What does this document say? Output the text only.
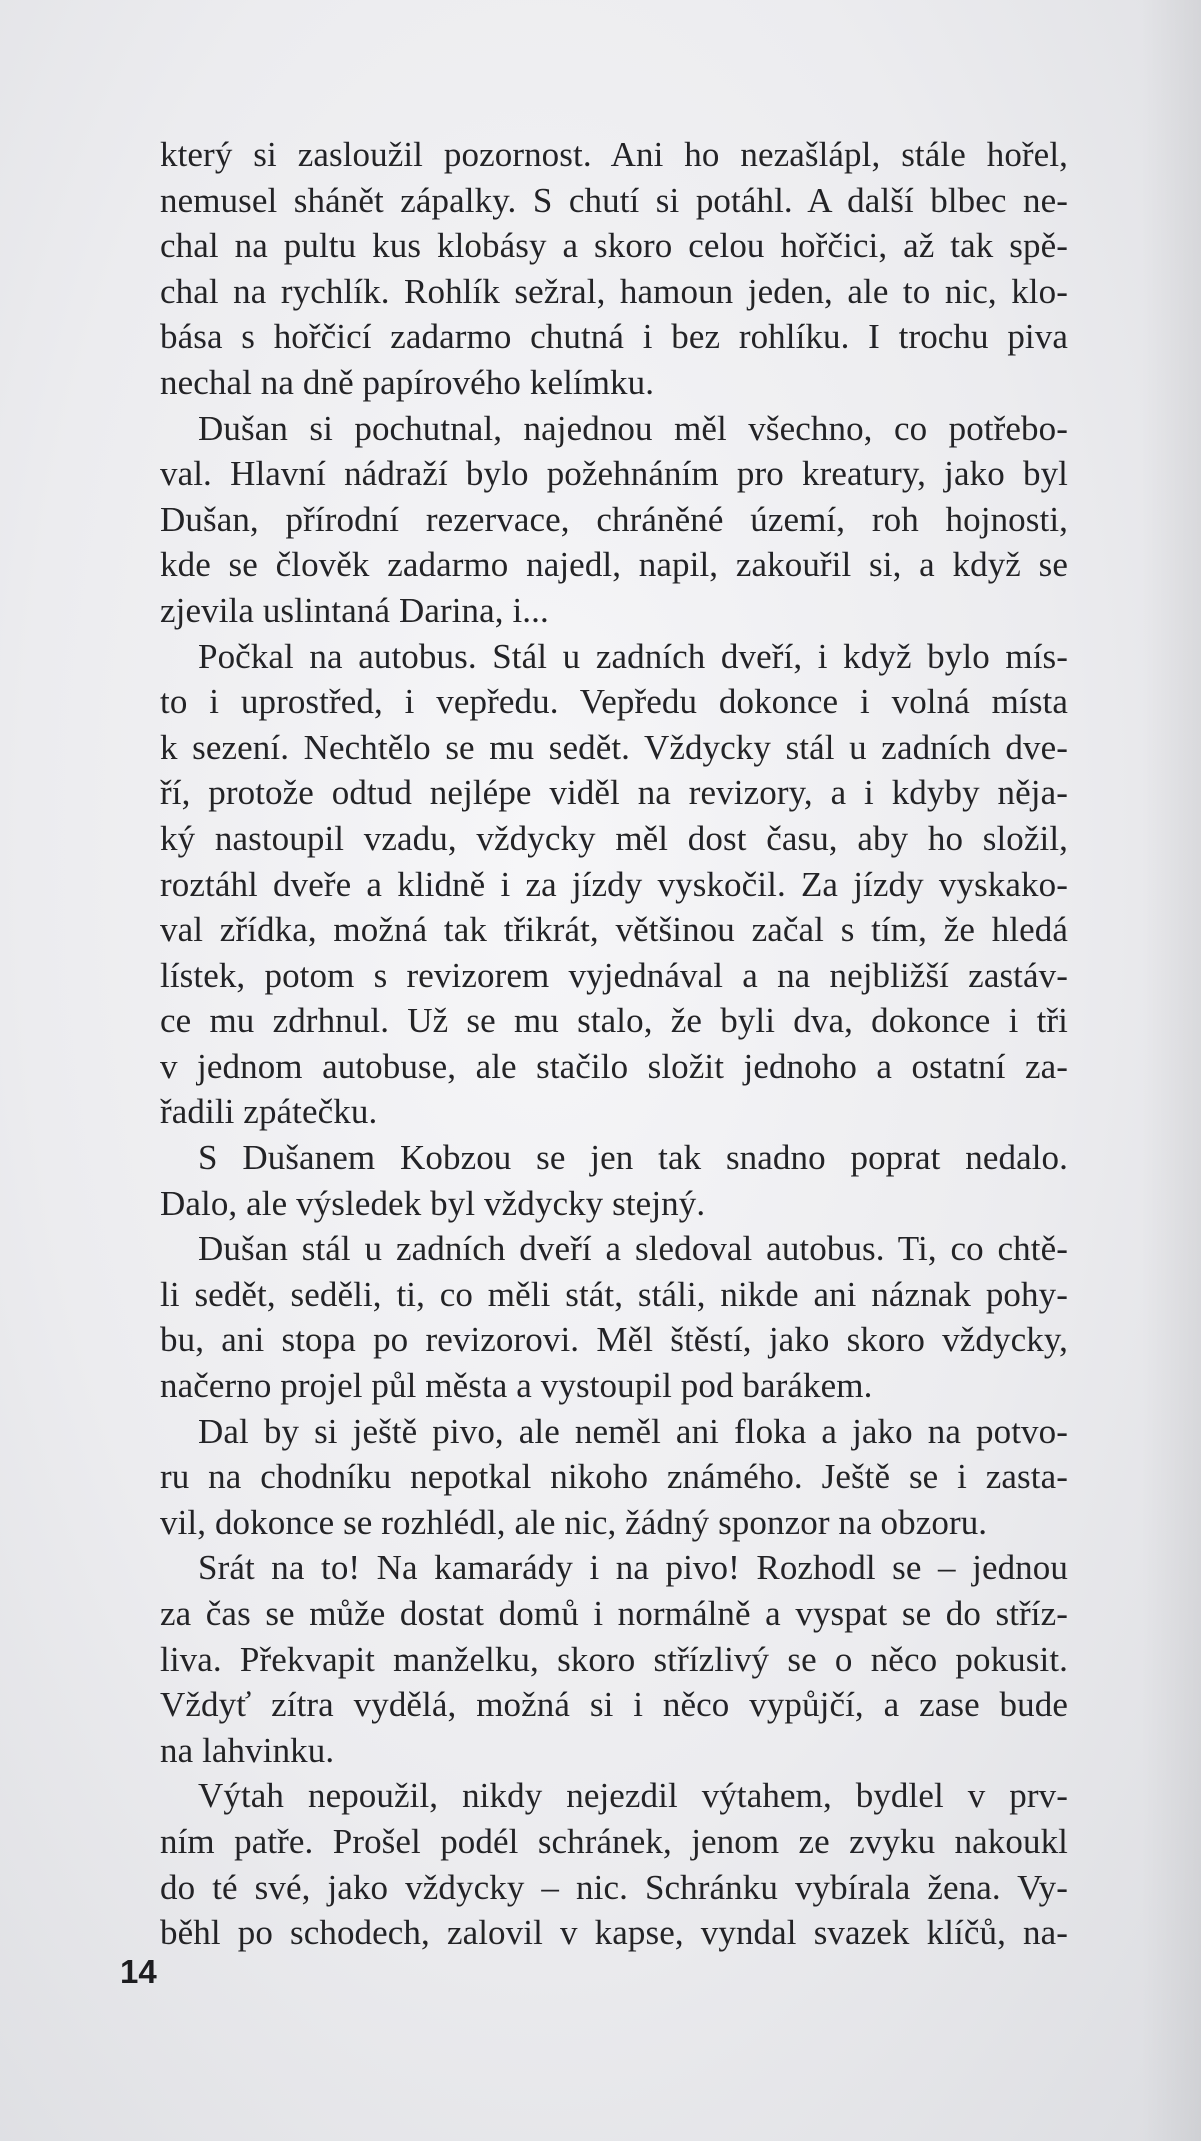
který si zasloužil pozornost. Ani ho nezašlápl, stále hořel,
nemusel shánět zápalky. S chutí si potáhl. A další blbec ne-
chal na pultu kus klobásy a skoro celou hořčici, až tak spě-
chal na rychlík. Rohlík sežral, hamoun jeden, ale to nic, klo-
bása s hořčicí zadarmo chutná i bez rohlíku. I trochu piva
nechal na dně papírového kelímku.
Dušan si pochutnal, najednou měl všechno, co potřebo-
val. Hlavní nádraží bylo požehnáním pro kreatury, jako byl
Dušan, přírodní rezervace, chráněné území, roh hojnosti,
kde se člověk zadarmo najedl, napil, zakouřil si, a když se
zjevila uslintaná Darina, i...
Počkal na autobus. Stál u zadních dveří, i když bylo mís-
to i uprostřed, i vepředu. Vepředu dokonce i volná místa
k sezení. Nechtělo se mu sedět. Vždycky stál u zadních dve-
ří, protože odtud nejlépe viděl na revizory, a i kdyby něja-
ký nastoupil vzadu, vždycky měl dost času, aby ho složil,
roztáhl dveře a klidně i za jízdy vyskočil. Za jízdy vyskako-
val zřídka, možná tak třikrát, většinou začal s tím, že hledá
lístek, potom s revizorem vyjednával a na nejbližší zastáv-
ce mu zdrhnul. Už se mu stalo, že byli dva, dokonce i tři
v jednom autobuse, ale stačilo složit jednoho a ostatní za-
řadili zpátečku.
S Dušanem Kobzou se jen tak snadno poprat nedalo.
Dalo, ale výsledek byl vždycky stejný.
Dušan stál u zadních dveří a sledoval autobus. Ti, co chtě-
li sedět, seděli, ti, co měli stát, stáli, nikde ani náznak pohy-
bu, ani stopa po revizorovi. Měl štěstí, jako skoro vždycky,
načerno projel půl města a vystoupil pod barákem.
Dal by si ještě pivo, ale neměl ani floka a jako na potvo-
ru na chodníku nepotkal nikoho známého. Ještě se i zasta-
vil, dokonce se rozhlédl, ale nic, žádný sponzor na obzoru.
Srát na to! Na kamarády i na pivo! Rozhodl se – jednou
za čas se může dostat domů i normálně a vyspat se do stříz-
liva. Překvapit manželku, skoro střízlivý se o něco pokusit.
Vždyť zítra vydělá, možná si i něco vypůjčí, a zase bude
na lahvinku.
Výtah nepoužil, nikdy nejezdil výtahem, bydlel v prv-
ním patře. Prošel podél schránek, jenom ze zvyku nakoukl
do té své, jako vždycky – nic. Schránku vybírala žena. Vy-
běhl po schodech, zalovil v kapse, vyndal svazek klíčů, na-
14
